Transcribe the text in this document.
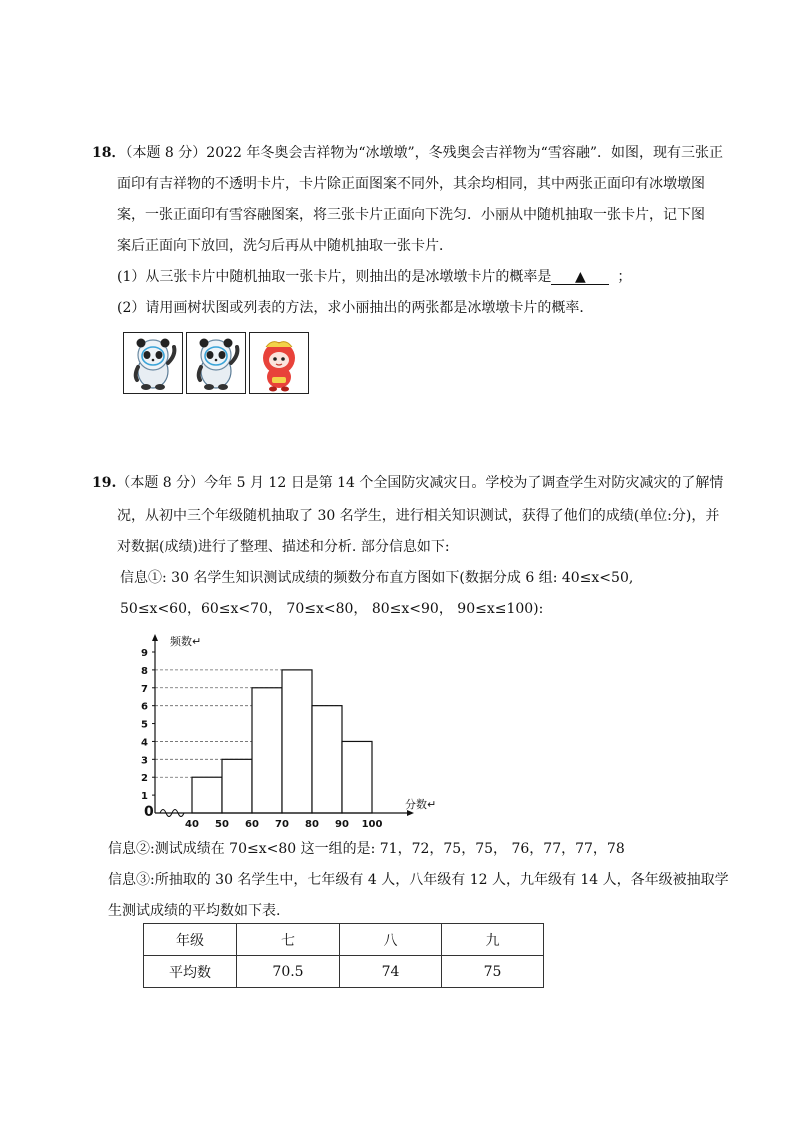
18．（本题 8 分）2022 年冬奥会吉祥物为“冰墩墩”，冬残奥会吉祥物为“雪容融”．如图，现有三张正
面印有吉祥物的不透明卡片，卡片除正面图案不同外，其余均相同，其中两张正面印有冰墩墩图
案，一张正面印有雪容融图案，将三张卡片正面向下洗匀．小丽从中随机抽取一张卡片，记下图
案后正面向下放回，洗匀后再从中随机抽取一张卡片．
(1）从三张卡片中随机抽取一张卡片，则抽出的是冰墩墩卡片的概率是 ▲ ；
(2）请用画树状图或列表的方法，求小丽抽出的两张都是冰墩墩卡片的概率．
19.（本题 8 分）今年 5 月 12 日是第 14 个全国防灾减灾日。学校为了调查学生对防灾减灾的了解情
况，从初中三个年级随机抽取了 30 名学生，进行相关知识测试，获得了他们的成绩(单位:分)，并
对数据(成绩)进行了整理、描述和分析. 部分信息如下:
信息①: 30 名学生知识测试成绩的频数分布直方图如下(数据分成 6 组: 40≤x<50,
50≤x<60，60≤x<70， 70≤x<80， 80≤x<90， 90≤x≤100):
1
2
3
4
5
6
7
8
9
40 50 60 70 80 90 100
频数↵
分数↵
0
信息②:测试成绩在 70≤x<80 这一组的是: 71，72，75，75， 76，77，77，78
信息③:所抽取的 30 名学生中，七年级有 4 人，八年级有 12 人，九年级有 14 人，各年级被抽取学
生测试成绩的平均数如下表.
年级	七	八	九
平均数	70.5	74	75
